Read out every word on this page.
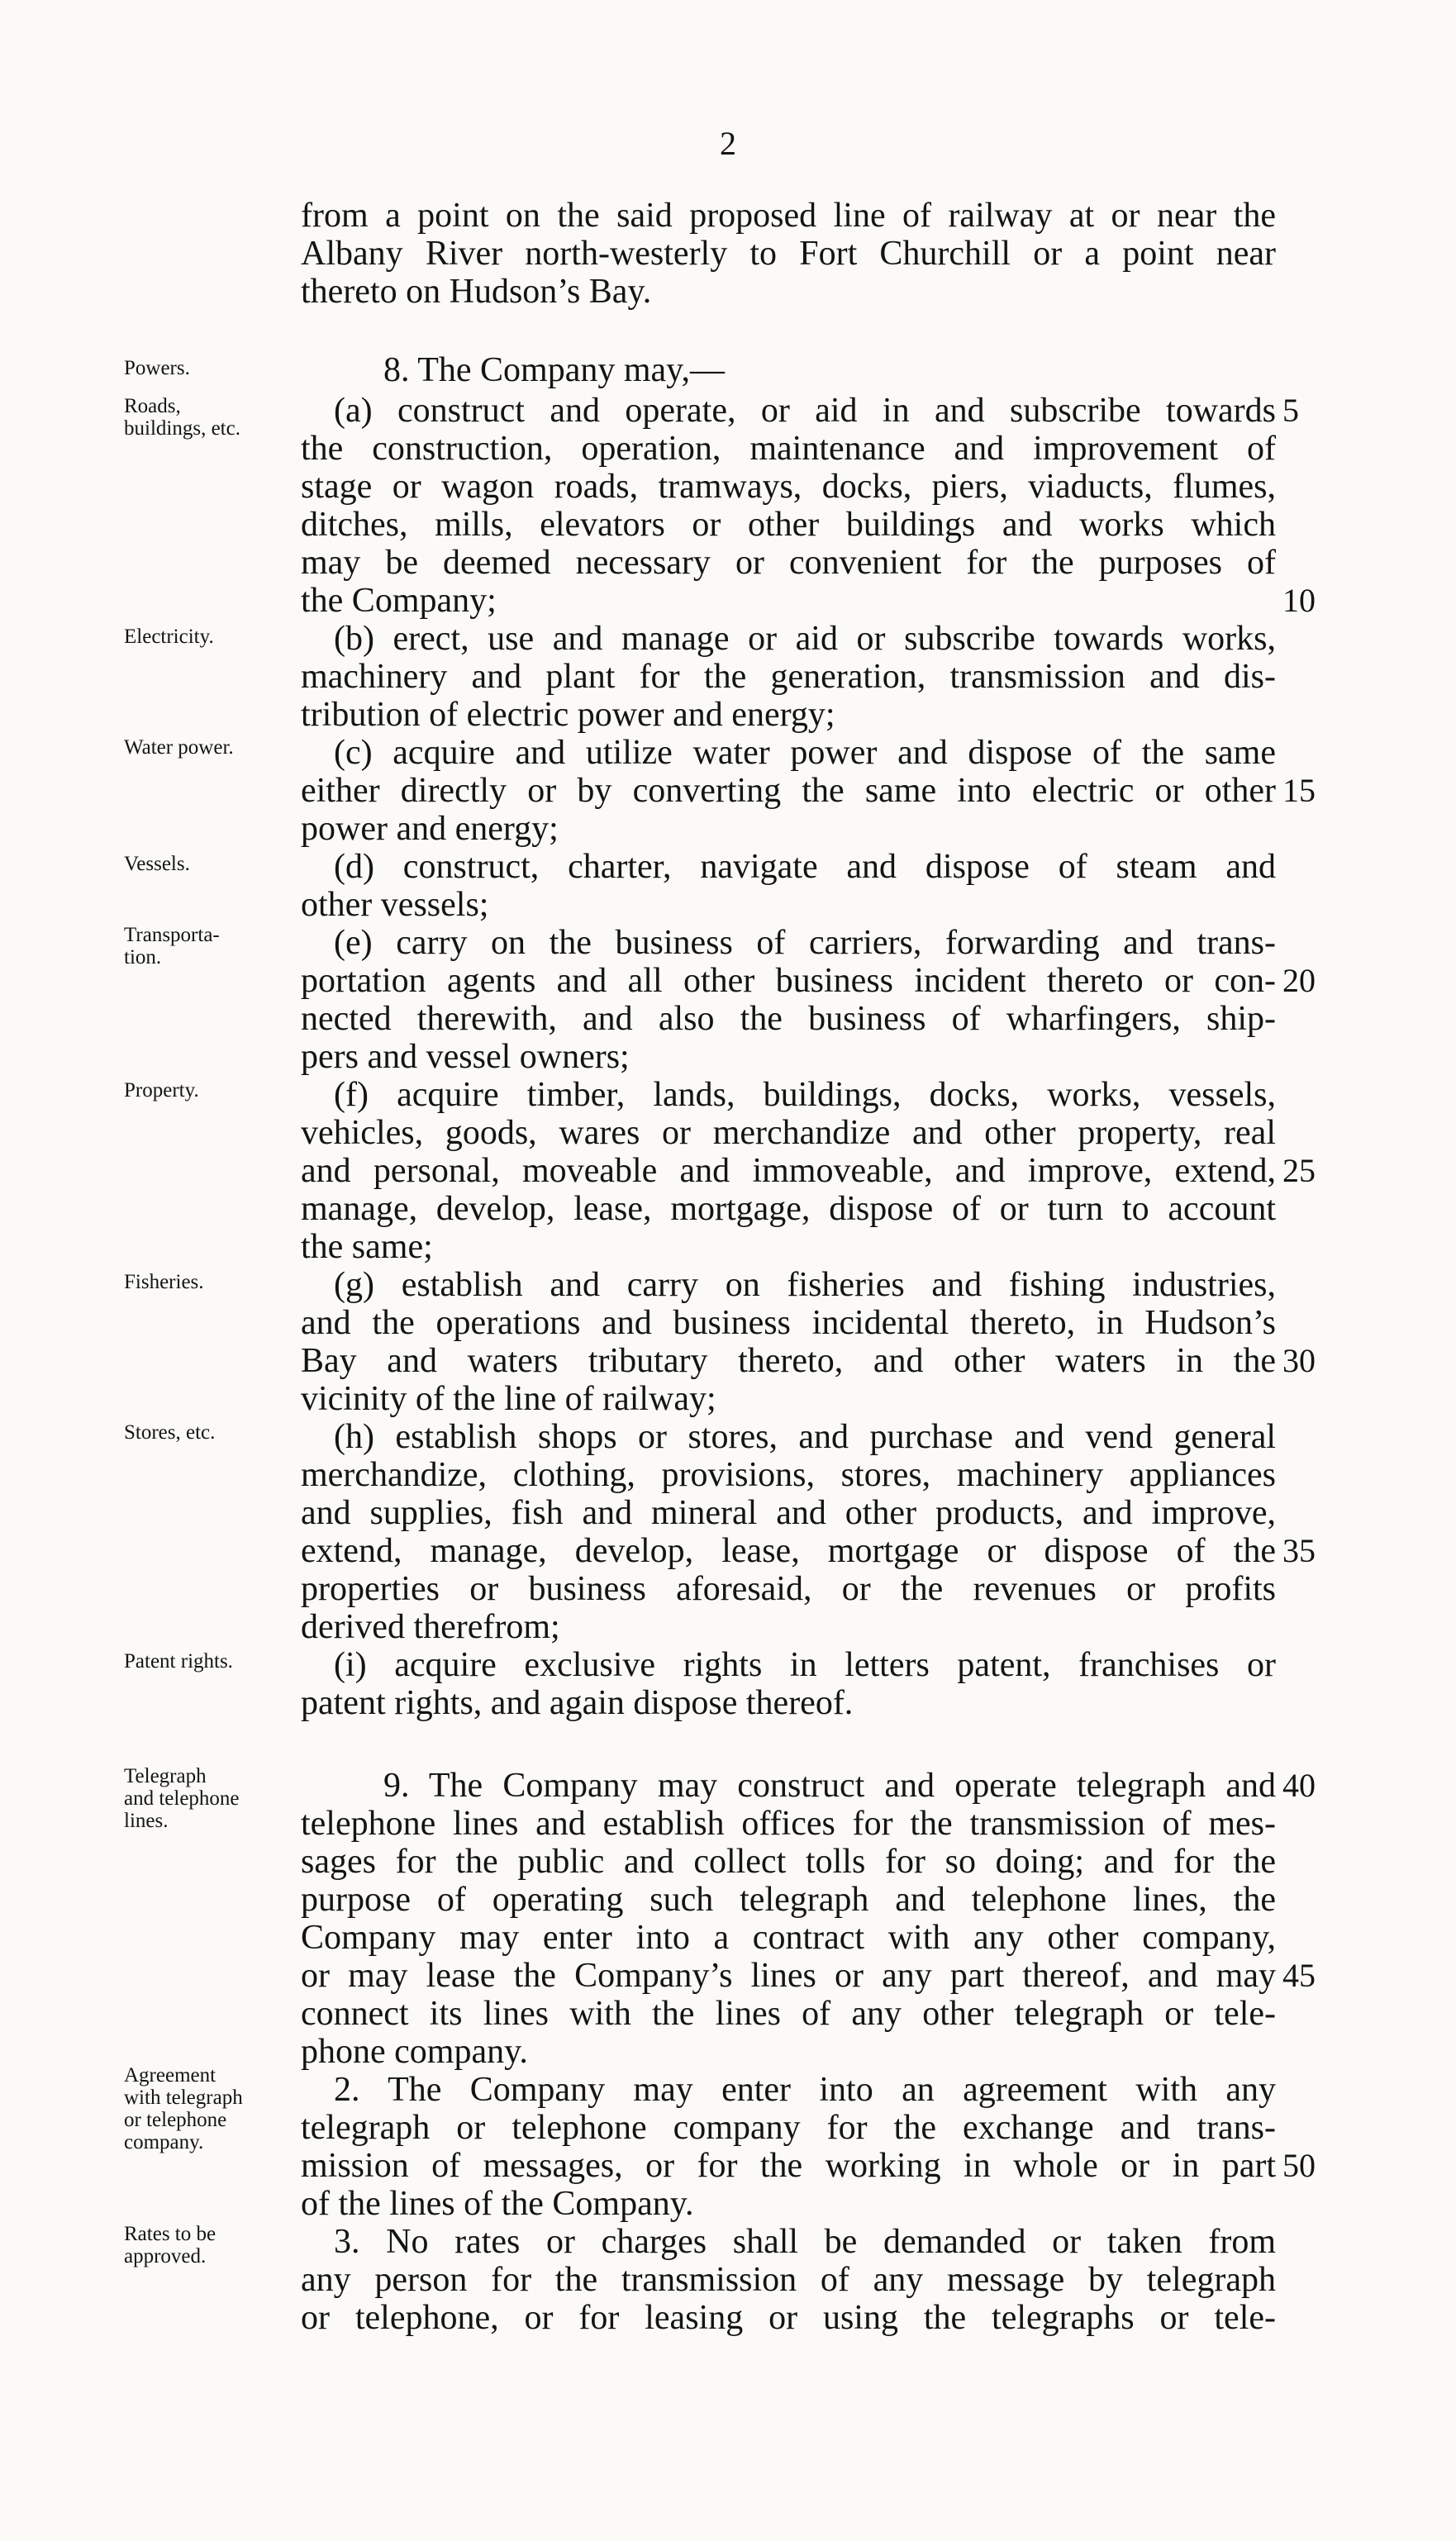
2
from a point on the said proposed line of railway at or near the
Albany River north-westerly to Fort Churchill or a point near
thereto on Hudson’s Bay.
8. The Company may,—
(a) construct and operate, or aid in and subscribe towards
the construction, operation, maintenance and improvement of
stage or wagon roads, tramways, docks, piers, viaducts, flumes,
ditches, mills, elevators or other buildings and works which
may be deemed necessary or convenient for the purposes of
the Company;
(b) erect, use and manage or aid or subscribe towards works,
machinery and plant for the generation, transmission and dis-
tribution of electric power and energy;
(c) acquire and utilize water power and dispose of the same
either directly or by converting the same into electric or other
power and energy;
(d) construct, charter, navigate and dispose of steam and
other vessels;
(e) carry on the business of carriers, forwarding and trans-
portation agents and all other business incident thereto or con-
nected therewith, and also the business of wharfingers, ship-
pers and vessel owners;
(f) acquire timber, lands, buildings, docks, works, vessels,
vehicles, goods, wares or merchandize and other property, real
and personal, moveable and immoveable, and improve, extend,
manage, develop, lease, mortgage, dispose of or turn to account
the same;
(g) establish and carry on fisheries and fishing industries,
and the operations and business incidental thereto, in Hudson’s
Bay and waters tributary thereto, and other waters in the
vicinity of the line of railway;
(h) establish shops or stores, and purchase and vend general
merchandize, clothing, provisions, stores, machinery appliances
and supplies, fish and mineral and other products, and improve,
extend, manage, develop, lease, mortgage or dispose of the
properties or business aforesaid, or the revenues or profits
derived therefrom;
(i) acquire exclusive rights in letters patent, franchises or
patent rights, and again dispose thereof.
9. The Company may construct and operate telegraph and
telephone lines and establish offices for the transmission of mes-
sages for the public and collect tolls for so doing; and for the
purpose of operating such telegraph and telephone lines, the
Company may enter into a contract with any other company,
or may lease the Company’s lines or any part thereof, and may
connect its lines with the lines of any other telegraph or tele-
phone company.
2. The Company may enter into an agreement with any
telegraph or telephone company for the exchange and trans-
mission of messages, or for the working in whole or in part
of the lines of the Company.
3. No rates or charges shall be demanded or taken from
any person for the transmission of any message by telegraph
or telephone, or for leasing or using the telegraphs or tele-
5
10
15
20
25
30
35
40
45
50
Powers.
Roads,
buildings, etc.
Electricity.
Water power.
Vessels.
Transporta-
tion.
Property.
Fisheries.
Stores, etc.
Patent rights.
Telegraph
and telephone
lines.
Agreement
with telegraph
or telephone
company.
Rates to be
approved.
